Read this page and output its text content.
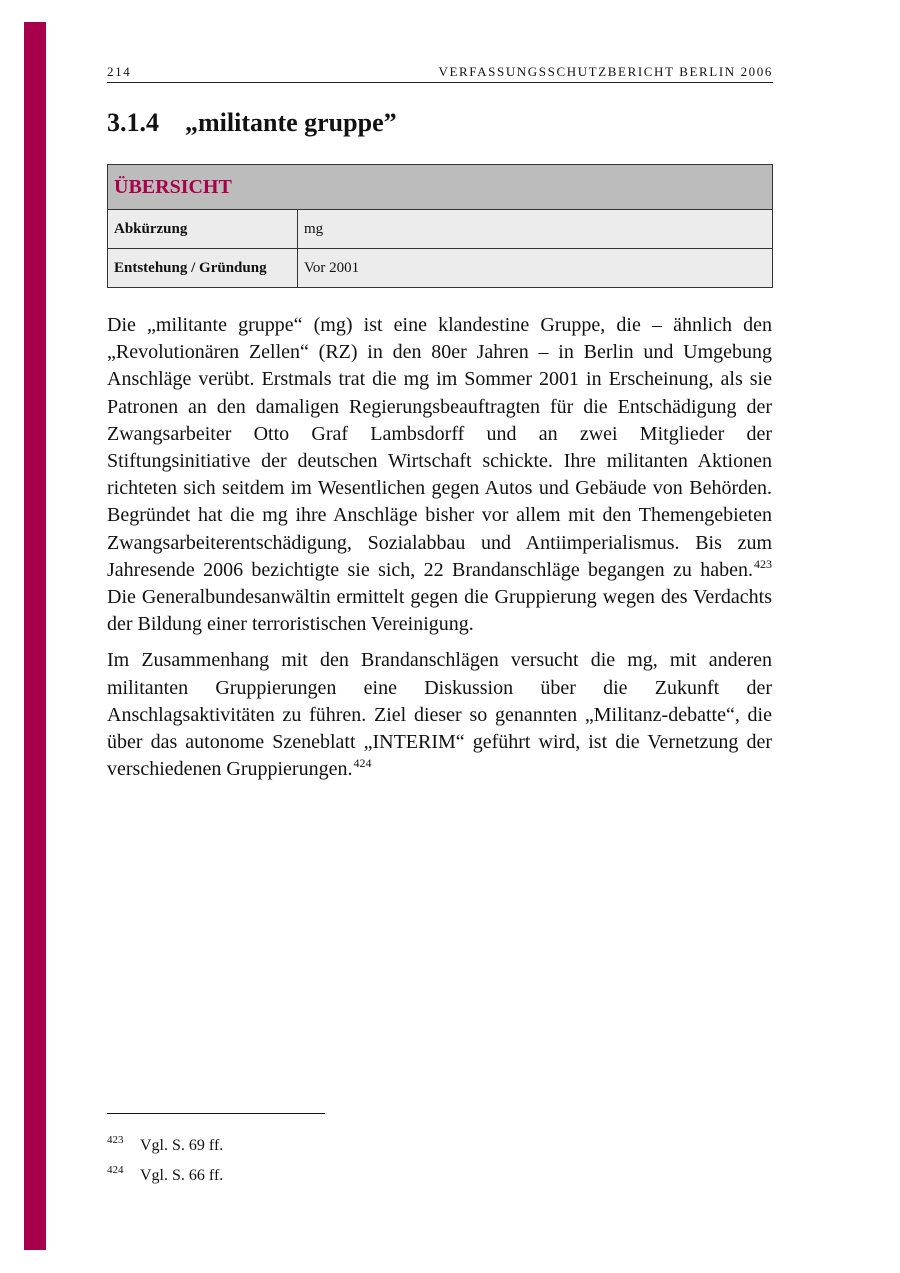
214	VERFASSUNGSSCHUTZBERICHT BERLIN 2006
3.1.4 „militante gruppe”
ÜBERSICHT
Abkürzung	mg
Entstehung / Gründung	Vor 2001

Die „militante gruppe“ (mg) ist eine klandestine Gruppe, die – ähnlich den „Revolutionären Zellen“ (RZ) in den 80er Jahren – in Berlin und Umgebung Anschläge verübt. Erstmals trat die mg im Sommer 2001 in Erscheinung, als sie Patronen an den damaligen Regierungsbeauftragten für die Entschädigung der Zwangsarbeiter Otto Graf Lambsdorff und an zwei Mitglieder der Stiftungsinitiative der deutschen Wirtschaft schickte. Ihre militanten Aktionen richteten sich seitdem im Wesentlichen gegen Autos und Gebäude von Behörden. Begründet hat die mg ihre Anschläge bisher vor allem mit den Themengebieten Zwangsarbeiterentschädigung, Sozialabbau und Antiimperialismus. Bis zum Jahresende 2006 bezichtigte sie sich, 22 Brandanschläge begangen zu haben.$^{423}$ Die Generalbundesanwältin ermittelt gegen die Gruppierung wegen des Verdachts der Bildung einer terroristischen Vereinigung.

Im Zusammenhang mit den Brandanschlägen versucht die mg, mit anderen militanten Gruppierungen eine Diskussion über die Zukunft der Anschlagsaktivitäten zu führen. Ziel dieser so genannten „Militanz-debatte“, die über das autonome Szeneblatt „INTERIM“ geführt wird, ist die Vernetzung der verschiedenen Gruppierungen.$^{424}$

423 Vgl. S. 69 ff.
424 Vgl. S. 66 ff.
